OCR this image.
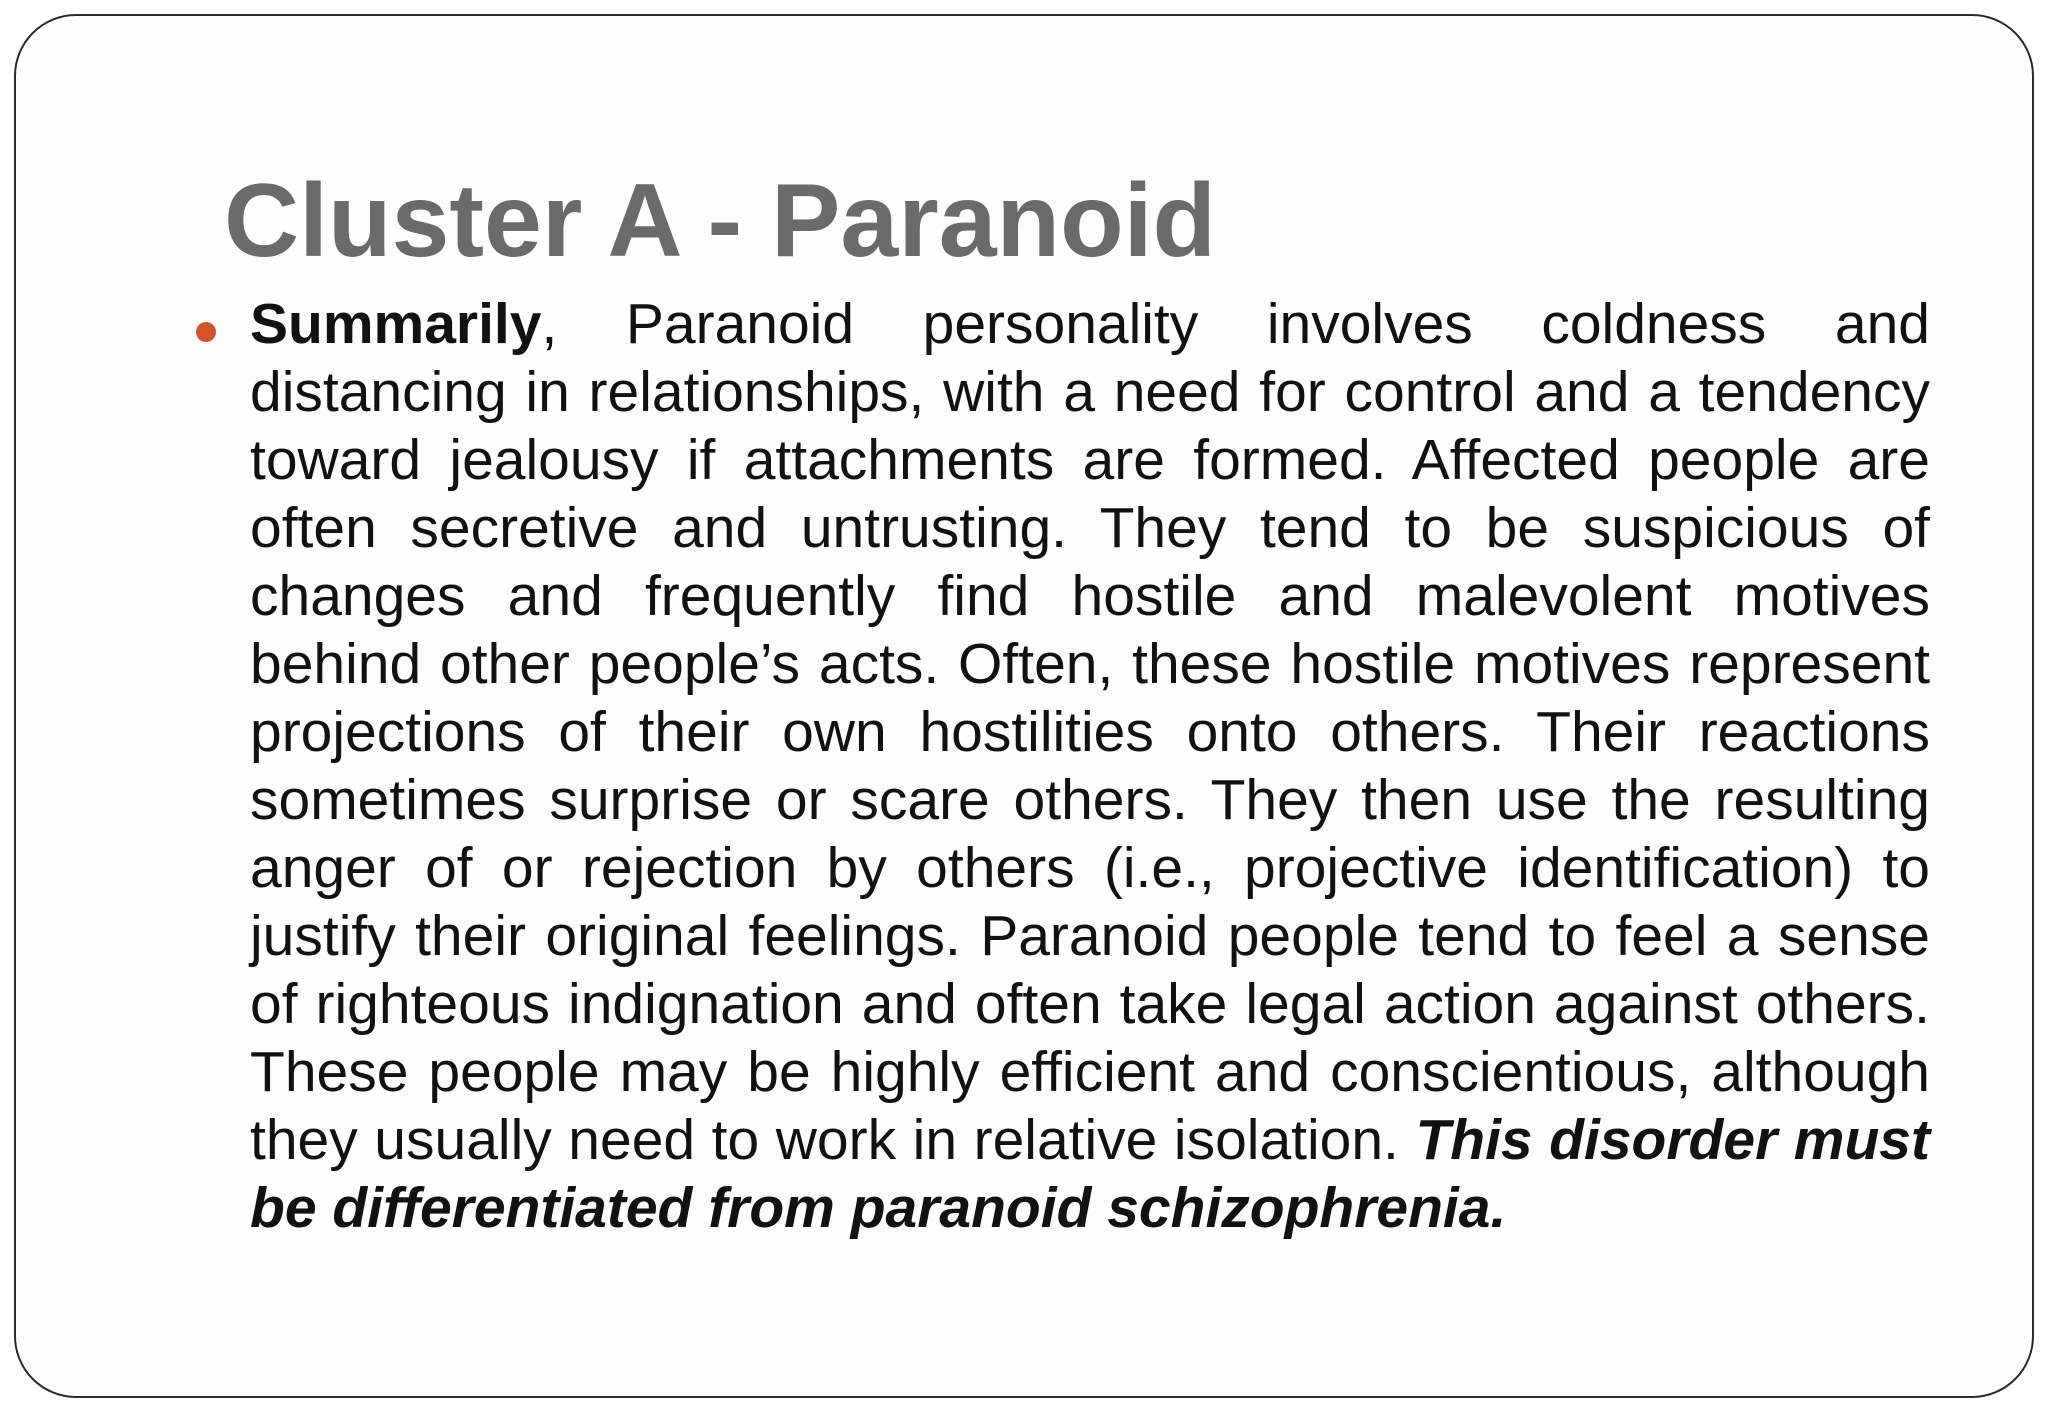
Cluster A - Paranoid

Summarily, Paranoid personality involves coldness and distancing in relationships, with a need for control and a tendency toward jealousy if attachments are formed. Affected people are often secretive and untrusting. They tend to be suspicious of changes and frequently find hostile and malevolent motives behind other people’s acts. Often, these hostile motives represent projections of their own hostilities onto others. Their reactions sometimes surprise or scare others. They then use the resulting anger of or rejection by others (i.e., projective identification) to justify their original feelings. Paranoid people tend to feel a sense of righteous indignation and often take legal action against others. These people may be highly efficient and conscientious, although they usually need to work in relative isolation. This disorder must be differentiated from paranoid schizophrenia.
